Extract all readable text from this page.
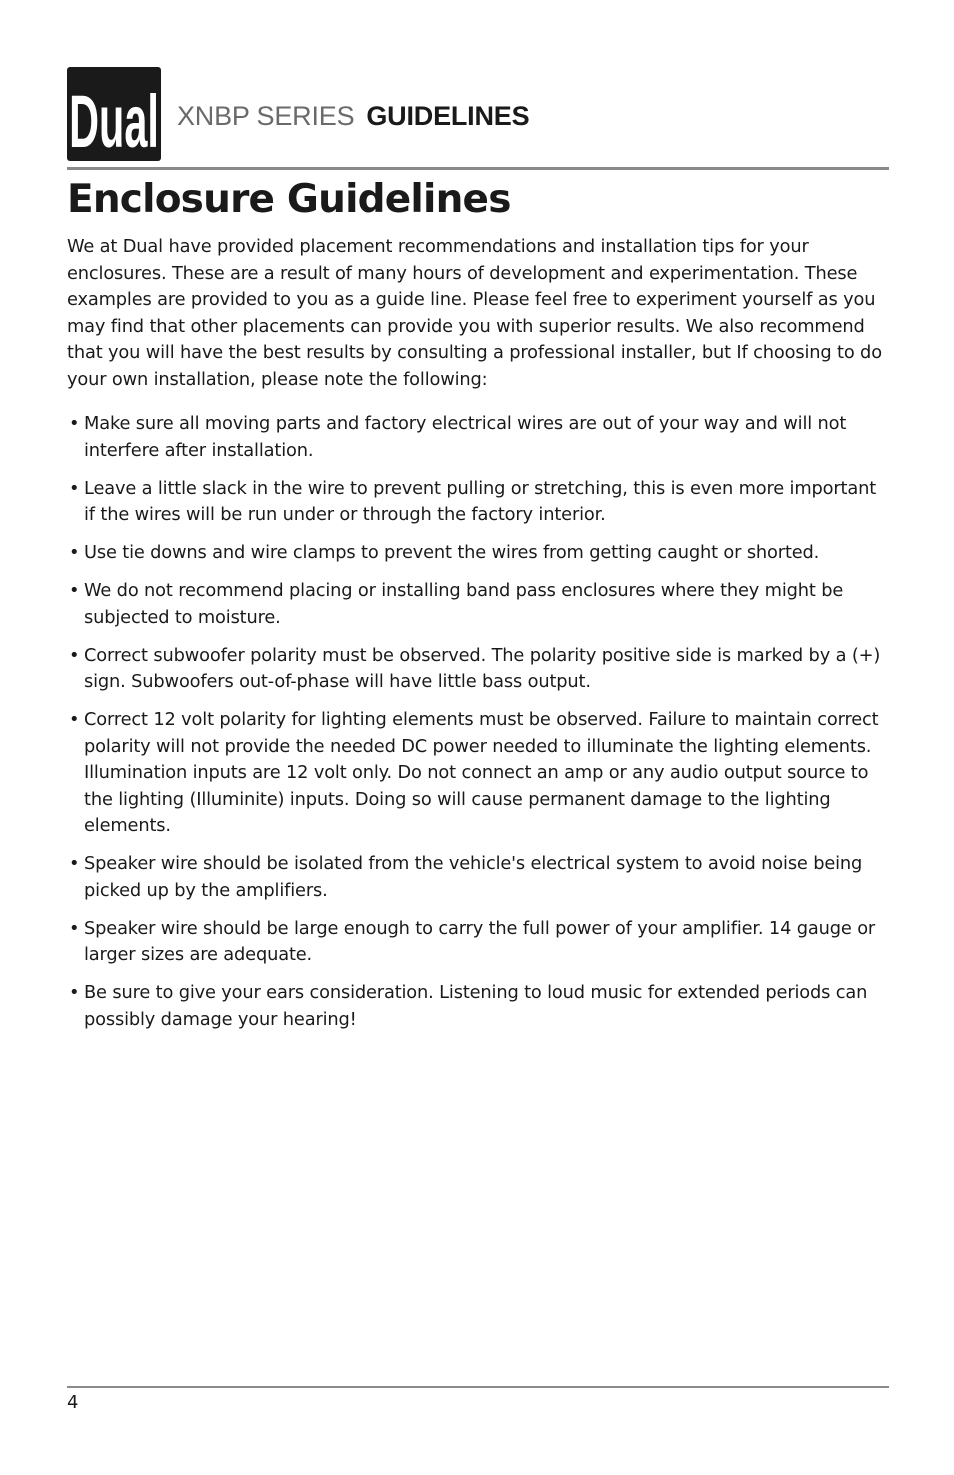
Dual XNBP SERIES GUIDELINES
Enclosure Guidelines

We at Dual have provided placement recommendations and installation tips for your enclosures. These are a result of many hours of development and experimentation. These examples are provided to you as a guide line. Please feel free to experiment yourself as you may find that other placements can provide you with superior results. We also recommend that you will have the best results by consulting a professional installer, but If choosing to do your own installation, please note the following:

• Make sure all moving parts and factory electrical wires are out of your way and will not interfere after installation.
• Leave a little slack in the wire to prevent pulling or stretching, this is even more important if the wires will be run under or through the factory interior.
• Use tie downs and wire clamps to prevent the wires from getting caught or shorted.
• We do not recommend placing or installing band pass enclosures where they might be subjected to moisture.
• Correct subwoofer polarity must be observed. The polarity positive side is marked by a (+) sign. Subwoofers out-of-phase will have little bass output.
• Correct 12 volt polarity for lighting elements must be observed. Failure to maintain correct polarity will not provide the needed DC power needed to illuminate the lighting elements. Illumination inputs are 12 volt only. Do not connect an amp or any audio output source to the lighting (Illuminite) inputs. Doing so will cause permanent damage to the lighting elements.
• Speaker wire should be isolated from the vehicle's electrical system to avoid noise being picked up by the amplifiers.
• Speaker wire should be large enough to carry the full power of your amplifier. 14 gauge or larger sizes are adequate.
• Be sure to give your ears consideration. Listening to loud music for extended periods can possibly damage your hearing!
4
